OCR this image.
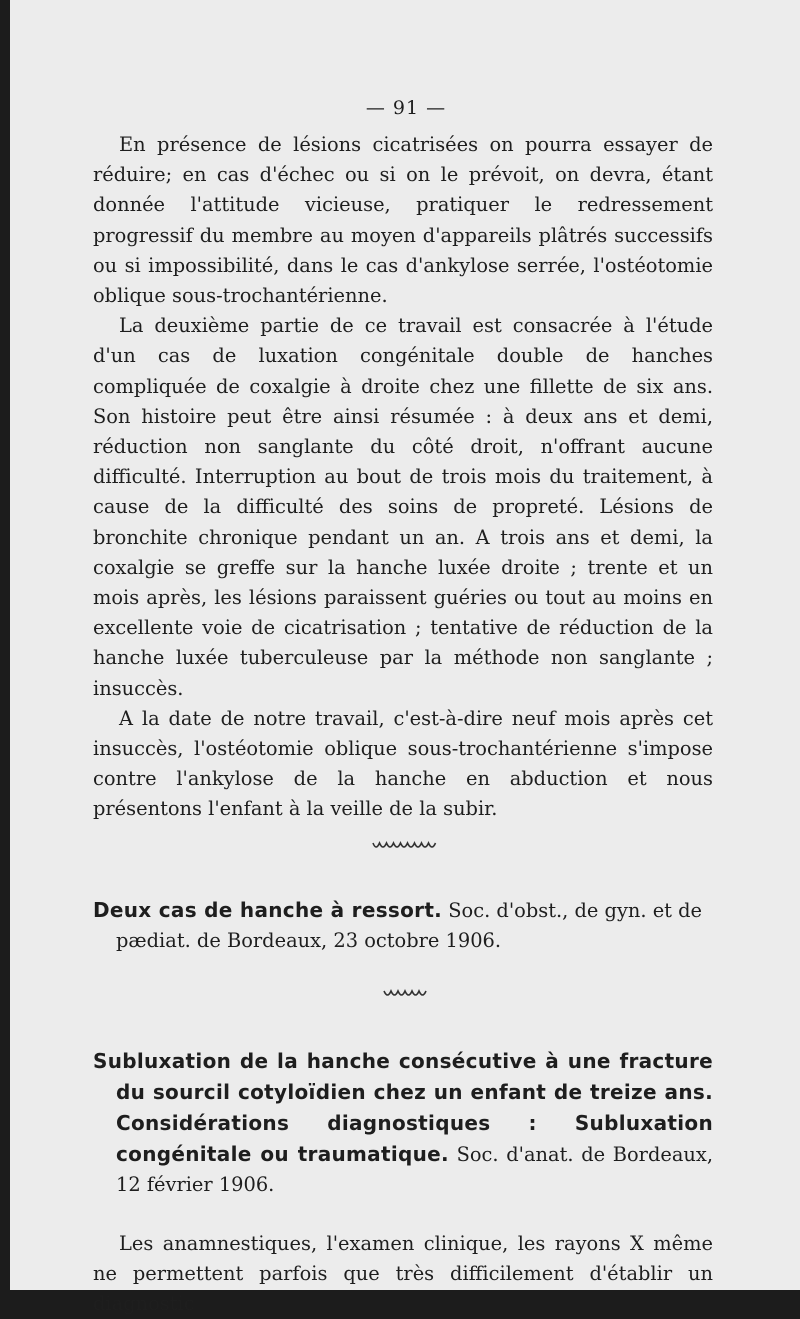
— 91 —

En présence de lésions cicatrisées on pourra essayer de réduire; en cas d'échec ou si on le prévoit, on devra, étant donnée l'attitude vicieuse, pratiquer le redressement progressif du membre au moyen d'appareils plâtrés successifs ou si impossibilité, dans le cas d'ankylose serrée, l'ostéotomie oblique sous-trochantérienne.

La deuxième partie de ce travail est consacrée à l'étude d'un cas de luxation congénitale double de hanches compliquée de coxalgie à droite chez une fillette de six ans. Son histoire peut être ainsi résumée : à deux ans et demi, réduction non sanglante du côté droit, n'offrant aucune difficulté. Interruption au bout de trois mois du traitement, à cause de la difficulté des soins de propreté. Lésions de bronchite chronique pendant un an. A trois ans et demi, la coxalgie se greffe sur la hanche luxée droite ; trente et un mois après, les lésions paraissent guéries ou tout au moins en excellente voie de cicatrisation ; tentative de réduction de la hanche luxée tuberculeuse par la méthode non sanglante ; insuccès.

A la date de notre travail, c'est-à-dire neuf mois après cet insuccès, l'ostéotomie oblique sous-trochantérienne s'impose contre l'ankylose de la hanche en abduction et nous présentons l'enfant à la veille de la subir.

Deux cas de hanche à ressort. Soc. d'obst., de gyn. et de pædiat. de Bordeaux, 23 octobre 1906.
Subluxation de la hanche consécutive à une fracture du sourcil cotyloïdien chez un enfant de treize ans. Considérations diagnostiques : Subluxation congénitale ou traumatique. Soc. d'anat. de Bordeaux, 12 février 1906.

Les anamnestiques, l'examen clinique, les rayons X même ne permettent parfois que très difficilement d'établir un diagnostic
